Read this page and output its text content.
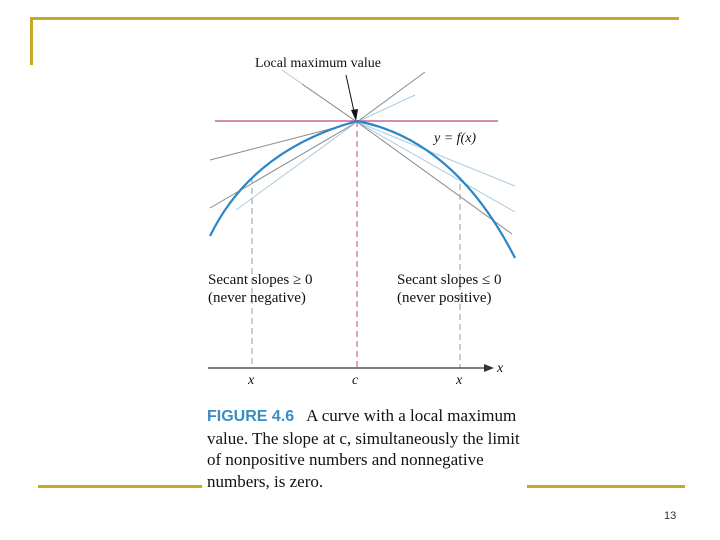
Local maximum value
y = f(x)
Secant slopes ≥ 0
(never negative)
Secant slopes ≤ 0
(never positive)
x
x	c	x
FIGURE 4.6 A curve with a local maximum value. The slope at c, simultaneously the limit of nonpositive numbers and nonnegative numbers, is zero.
13
